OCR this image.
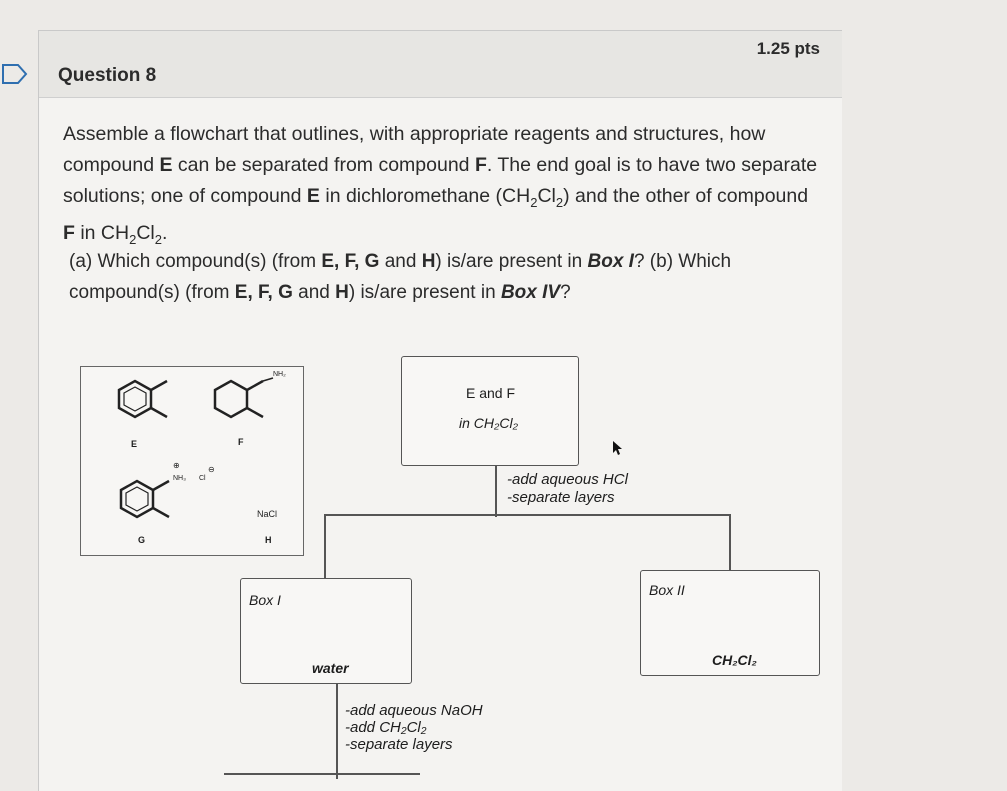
Question 8
1.25 pts
Assemble a flowchart that outlines, with appropriate reagents and structures, how
compound E can be separated from compound F. The end goal is to have two separate
solutions; one of compound E in dichloromethane $(CH_2Cl_2)$ and the other of compound
F in $CH_2Cl_2$.
(a) Which compound(s) (from E, F, G and H) is/are present in Box I? (b) Which
compound(s) (from E, F, G and H) is/are present in Box IV?
E
NH₂
F
⊕
NH₃ Cl
⊖
G
NaCl
H
E and F
in CH₂Cl₂
-add aqueous HCl
-separate layers
Box I
water
Box II
CH₂Cl₂
-add aqueous NaOH
-add CH₂Cl₂
-separate layers
